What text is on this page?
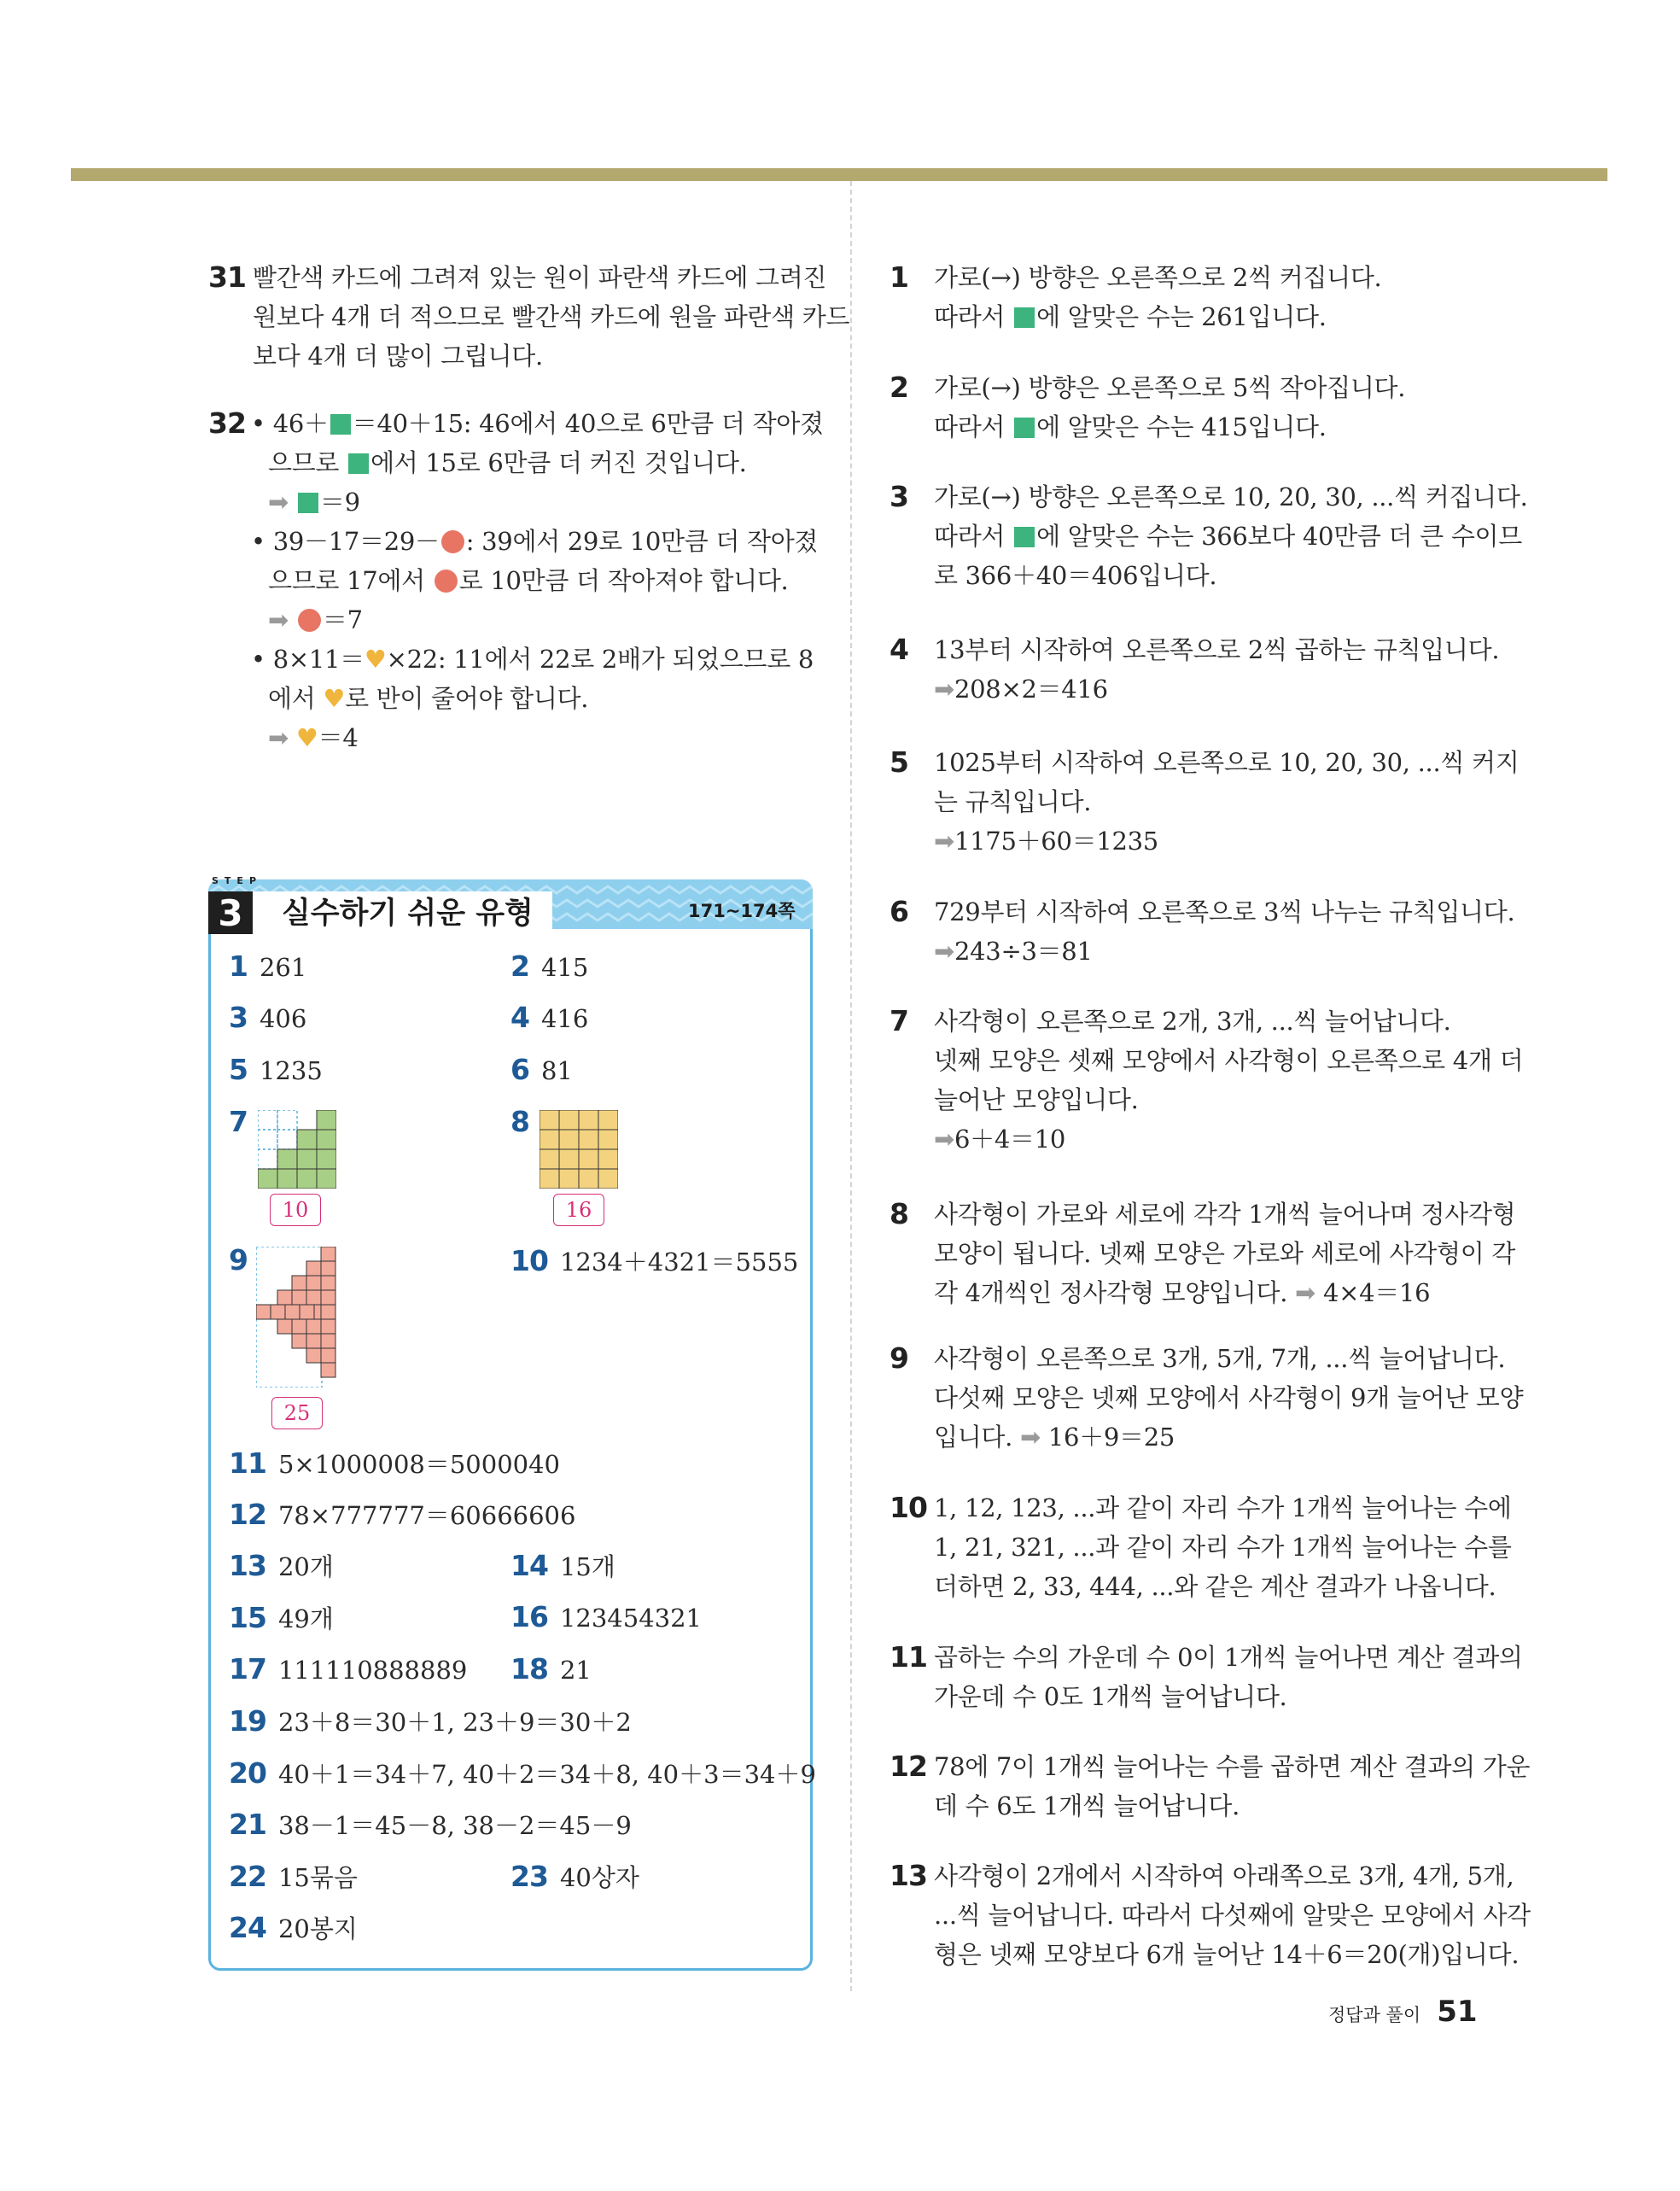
31 빨간색 카드에 그려져 있는 원이 파란색 카드에 그려진
원보다 4개 더 적으므로 빨간색 카드에 원을 파란색 카드
보다 4개 더 많이 그립니다.
32 • 46＋ ＝40＋15: 46에서 40으로 6만큼 더 작아졌
으므로 에서 15로 6만큼 더 커진 것입니다.
➡ ＝9
• 39－17＝29－ : 39에서 29로 10만큼 더 작아졌
으므로 17에서 로 10만큼 더 작아져야 합니다.
➡ ＝7
• 8×11＝♥×22: 11에서 22로 2배가 되었으므로 8
에서 ♥로 반이 줄어야 합니다.
➡ ♥＝4
STEP
3	실수하기 쉬운 유형	171~174쪽
1 261	2 415
3 406	4 416
5 1235	6 81
7	8
10	16
9	10 1234＋4321＝5555
25
11 5×1000008＝5000040
12 78×777777＝60666606
13 20개	14 15개
15 49개	16 123454321
17 111110888889 18 21
19 23＋8＝30＋1, 23＋9＝30＋2
20 40＋1＝34＋7, 40＋2＝34＋8, 40＋3＝34＋9
21 38－1＝45－8, 38－2＝45－9
22 15묶음	23 40상자
24 20봉지
1 가로(→) 방향은 오른쪽으로 2씩 커집니다.
따라서 에 알맞은 수는 261입니다.
2 가로(→) 방향은 오른쪽으로 5씩 작아집니다.
따라서 에 알맞은 수는 415입니다.
3 가로(→) 방향은 오른쪽으로 10, 20, 30, ...씩 커집니다.
따라서 에 알맞은 수는 366보다 40만큼 더 큰 수이므
로 366＋40＝406입니다.
4 13부터 시작하여 오른쪽으로 2씩 곱하는 규칙입니다.
➡208×2＝416
5 1025부터 시작하여 오른쪽으로 10, 20, 30, ...씩 커지
는 규칙입니다.
➡1175＋60＝1235
6 729부터 시작하여 오른쪽으로 3씩 나누는 규칙입니다.
➡243÷3＝81
7 사각형이 오른쪽으로 2개, 3개, ...씩 늘어납니다.
넷째 모양은 셋째 모양에서 사각형이 오른쪽으로 4개 더
늘어난 모양입니다.
➡6＋4＝10
8 사각형이 가로와 세로에 각각 1개씩 늘어나며 정사각형
모양이 됩니다. 넷째 모양은 가로와 세로에 사각형이 각
각 4개씩인 정사각형 모양입니다. ➡ 4×4＝16
9 사각형이 오른쪽으로 3개, 5개, 7개, ...씩 늘어납니다.
다섯째 모양은 넷째 모양에서 사각형이 9개 늘어난 모양
입니다. ➡ 16＋9＝25
10 1, 12, 123, ...과 같이 자리 수가 1개씩 늘어나는 수에
1, 21, 321, ...과 같이 자리 수가 1개씩 늘어나는 수를
더하면 2, 33, 444, ...와 같은 계산 결과가 나옵니다.
11 곱하는 수의 가운데 수 0이 1개씩 늘어나면 계산 결과의
가운데 수 0도 1개씩 늘어납니다.
12 78에 7이 1개씩 늘어나는 수를 곱하면 계산 결과의 가운
데 수 6도 1개씩 늘어납니다.
13 사각형이 2개에서 시작하여 아래쪽으로 3개, 4개, 5개,
...씩 늘어납니다. 따라서 다섯째에 알맞은 모양에서 사각
형은 넷째 모양보다 6개 늘어난 14＋6＝20(개)입니다.
정답과 풀이 51
